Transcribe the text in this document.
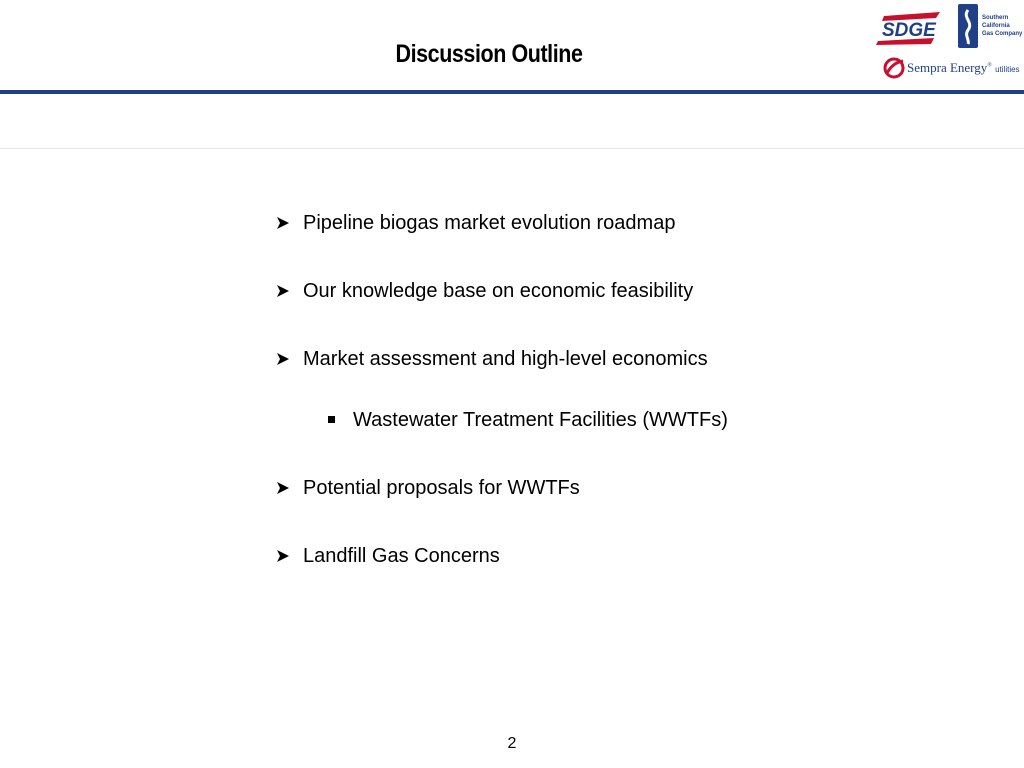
Discussion Outline
SDGE
Southern
California
Gas Company
Sempra Energy® utilities
Pipeline biogas market evolution roadmap
Our knowledge base on economic feasibility
Market assessment and high-level economics
Wastewater Treatment Facilities (WWTFs)
Potential proposals for WWTFs
Landfill Gas Concerns
2
